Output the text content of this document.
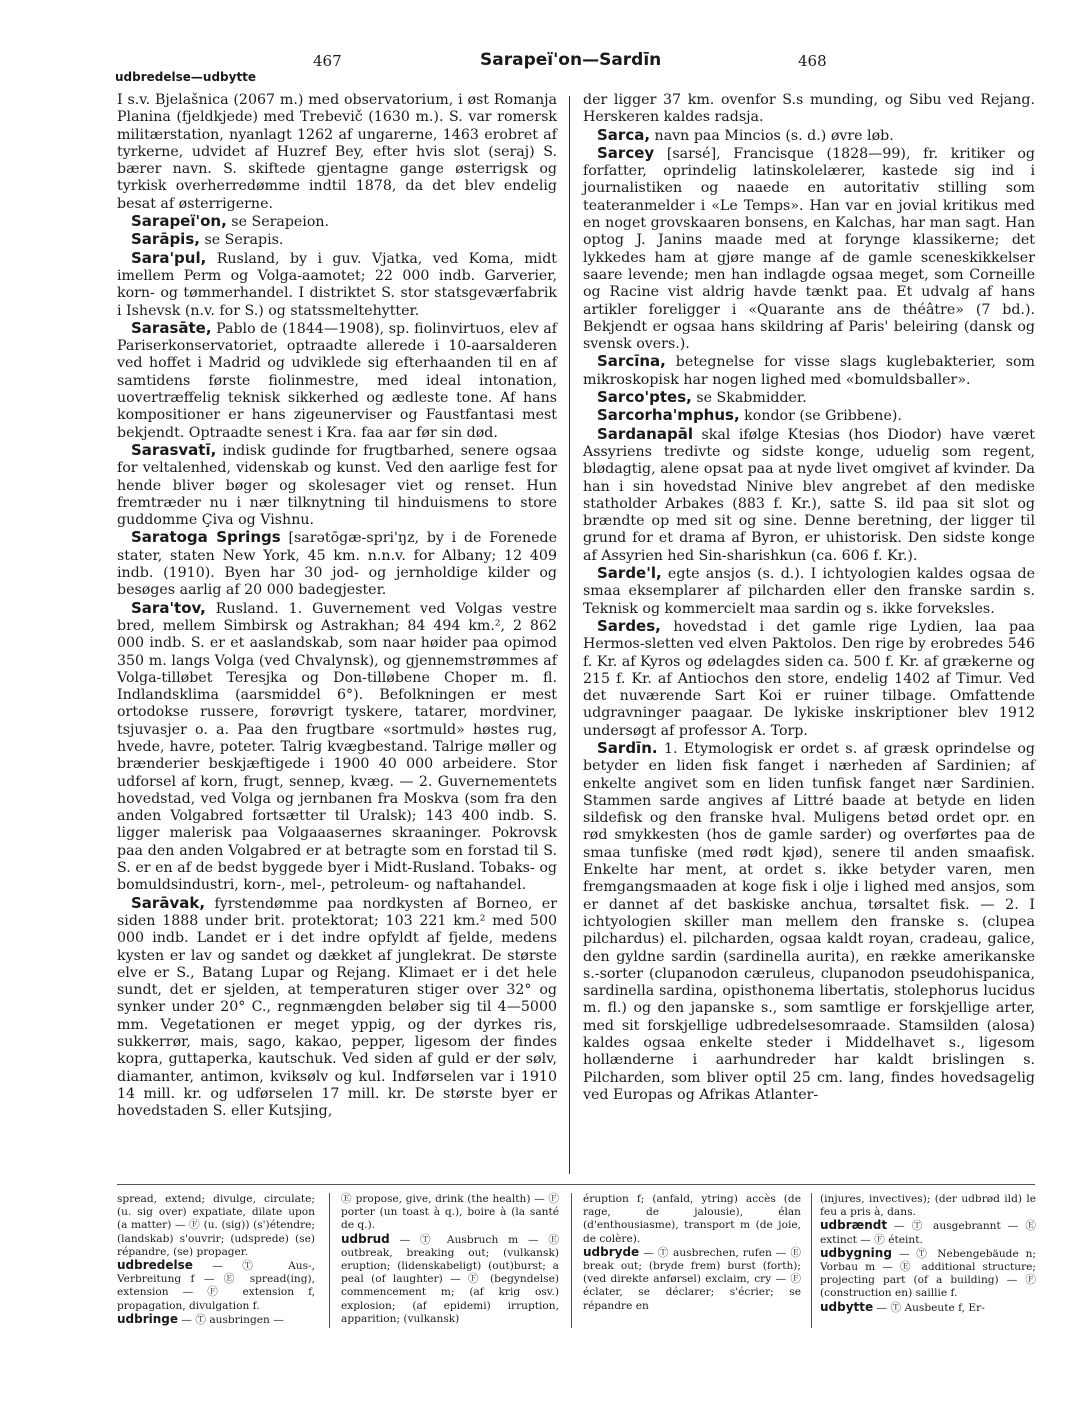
467	Sarapeï'on—Sardīn	468
udbredelse—udbytte

I s.v. Bjelašnica (2067 m.) med observatorium, i øst Romanja Planina (fjeldkjede) med Trebevič (1630 m.). S. var romersk militærstation, nyanlagt 1262 af ungarerne, 1463 erobret af tyrkerne, udvidet af Huzref Bey, efter hvis slot (seraj) S. bærer navn. S. skiftede gjentagne gange østerrigsk og tyrkisk overherredømme indtil 1878, da det blev endelig besat af østerrigerne.

Sarapeï'on, se Serapeion.

Sarāpis, se Serapis.

Sara'pul, Rusland, by i guv. Vjatka, ved Koma, midt imellem Perm og Volga-aamotet; 22 000 indb. Garverier, korn- og tømmerhandel. I distriktet S. stor statsgeværfabrik i Ishevsk (n.v. for S.) og statssmeltehytter.

Sarasāte, Pablo de (1844—1908), sp. fiolinvirtuos, elev af Pariserkonservatoriet, optraadte allerede i 10-aarsalderen ved hoffet i Madrid og udviklede sig efterhaanden til en af samtidens første fiolinmestre, med ideal intonation, uovertræffelig teknisk sikkerhed og ædleste tone. Af hans kompositioner er hans zigeunerviser og Faustfantasi mest bekjendt. Optraadte senest i Kra. faa aar før sin død.

Sarasvatī, indisk gudinde for frugtbarhed, senere ogsaa for veltalenhed, videnskab og kunst. Ved den aarlige fest for hende bliver bøger og skolesager viet og renset. Hun fremtræder nu i nær tilknytning til hinduismens to store guddomme Çiva og Vishnu.

Saratoga Springs [sarətōgæ-spri'ŋz, by i de Forenede stater, staten New York, 45 km. n.n.v. for Albany; 12 409 indb. (1910). Byen har 30 jod- og jernholdige kilder og besøges aarlig af 20 000 badegjester.

Sara'tov, Rusland. 1. Guvernement ved Volgas vestre bred, mellem Simbirsk og Astrakhan; 84 494 km.², 2 862 000 indb. S. er et aaslandskab, som naar høider paa opimod 350 m. langs Volga (ved Chvalynsk), og gjennemstrømmes af Volga-tilløbet Teresjka og Don-tilløbene Choper m. fl. Indlandsklima (aarsmiddel 6°). Befolkningen er mest ortodokse russere, forøvrigt tyskere, tatarer, mordviner, tsjuvasjer o. a. Paa den frugtbare «sortmuld» høstes rug, hvede, havre, poteter. Talrig kvægbestand. Talrige møller og brænderier beskjæftigede i 1900 40 000 arbeidere. Stor udforsel af korn, frugt, sennep, kvæg. — 2. Guvernementets hovedstad, ved Volga og jernbanen fra Moskva (som fra den anden Volgabred fortsætter til Uralsk); 143 400 indb. S. ligger malerisk paa Volgaaasernes skraaninger. Pokrovsk paa den anden Volgabred er at betragte som en forstad til S. S. er en af de bedst byggede byer i Midt-Rusland. Tobaks- og bomuldsindustri, korn-, mel-, petroleum- og naftahandel.

Sarāvak, fyrstendømme paa nordkysten af Borneo, er siden 1888 under brit. protektorat; 103 221 km.² med 500 000 indb. Landet er i det indre opfyldt af fjelde, medens kysten er lav og sandet og dækket af junglekrat. De største elve er S., Batang Lupar og Rejang. Klimaet er i det hele sundt, det er sjelden, at temperaturen stiger over 32° og synker under 20° C., regnmængden beløber sig til 4—5000 mm. Vegetationen er meget yppig, og der dyrkes ris, sukkerrør, mais, sago, kakao, pepper, ligesom der findes kopra, guttaperka, kautschuk. Ved siden af guld er der sølv, diamanter, antimon, kviksølv og kul. Indførselen var i 1910 14 mill. kr. og udførselen 17 mill. kr. De største byer er hovedstaden S. eller Kutsjing,

der ligger 37 km. ovenfor S.s munding, og Sibu ved Rejang. Herskeren kaldes radsja.

Sarca, navn paa Mincios (s. d.) øvre løb.

Sarcey [sarsé], Francisque (1828—99), fr. kritiker og forfatter, oprindelig latinskolelærer, kastede sig ind i journalistiken og naaede en autoritativ stilling som teateranmelder i «Le Temps». Han var en jovial kritikus med en noget grovskaaren bonsens, en Kalchas, har man sagt. Han optog J. Janins maade med at forynge klassikerne; det lykkedes ham at gjøre mange af de gamle sceneskikkelser saare levende; men han indlagde ogsaa meget, som Corneille og Racine vist aldrig havde tænkt paa. Et udvalg af hans artikler foreligger i «Quarante ans de théâtre» (7 bd.). Bekjendt er ogsaa hans skildring af Paris' beleiring (dansk og svensk overs.).

Sarcīna, betegnelse for visse slags kuglebakterier, som mikroskopisk har nogen lighed med «bomuldsballer».

Sarco'ptes, se Skabmidder.

Sarcorha'mphus, kondor (se Gribbene).

Sardanapāl skal ifølge Ktesias (hos Diodor) have været Assyriens tredivte og sidste konge, uduelig som regent, blødagtig, alene opsat paa at nyde livet omgivet af kvinder. Da han i sin hovedstad Ninive blev angrebet af den mediske statholder Arbakes (883 f. Kr.), satte S. ild paa sit slot og brændte op med sit og sine. Denne beretning, der ligger til grund for et drama af Byron, er uhistorisk. Den sidste konge af Assyrien hed Sin-sharishkun (ca. 606 f. Kr.).

Sarde'l, egte ansjos (s. d.). I ichtyologien kaldes ogsaa de smaa eksemplarer af pilcharden eller den franske sardin s. Teknisk og kommercielt maa sardin og s. ikke forveksles.

Sardes, hovedstad i det gamle rige Lydien, laa paa Hermos-sletten ved elven Paktolos. Den rige by erobredes 546 f. Kr. af Kyros og ødelagdes siden ca. 500 f. Kr. af grækerne og 215 f. Kr. af Antiochos den store, endelig 1402 af Timur. Ved det nuværende Sart Koi er ruiner tilbage. Omfattende udgravninger paagaar. De lykiske inskriptioner blev 1912 undersøgt af professor A. Torp.

Sardīn. 1. Etymologisk er ordet s. af græsk oprindelse og betyder en liden fisk fanget i nærheden af Sardinien; af enkelte angivet som en liden tunfisk fanget nær Sardinien. Stammen sarde angives af Littré baade at betyde en liden sildefisk og den franske hval. Muligens betød ordet opr. en rød smykkesten (hos de gamle sarder) og overførtes paa de smaa tunfiske (med rødt kjød), senere til anden smaafisk. Enkelte har ment, at ordet s. ikke betyder varen, men fremgangsmaaden at koge fisk i olje i lighed med ansjos, som er dannet af det baskiske anchua, tørsaltet fisk. — 2. I ichtyologien skiller man mellem den franske s. (clupea pilchardus) el. pilcharden, ogsaa kaldt royan, cradeau, galice, den gyldne sardin (sardinella aurita), en række amerikanske s.-sorter (clupanodon cæruleus, clupanodon pseudohispanica, sardinella sardina, opisthonema libertatis, stolephorus lucidus m. fl.) og den japanske s., som samtlige er forskjellige arter, med sit forskjellige udbredelsesomraade. Stamsilden (alosa) kaldes ogsaa enkelte steder i Middelhavet s., ligesom hollænderne i aarhundreder har kaldt brislingen s. Pilcharden, som bliver optil 25 cm. lang, findes hovedsagelig ved Europas og Afrikas Atlanter-

spread, extend; divulge, circulate; (u. sig over) expatiate, dilate upon (a matter) — Ⓕ (u. (sig)) (s')étendre; (landskab) s'ouvrir; (udsprede) (se) répandre, (se) propager.

udbredelse — Ⓣ Aus-, Verbreitung f — Ⓔ spread(ing), extension — Ⓕ extension f, propagation, divulgation f.

udbringe — Ⓣ ausbringen —

Ⓔ propose, give, drink (the health) — Ⓕ porter (un toast à q.), boire à (la santé de q.).

udbrud — Ⓣ Ausbruch m — Ⓔ outbreak, breaking out; (vulkansk) eruption; (lidenskabeligt) (out)burst; a peal (of laughter) — Ⓕ (begyndelse) commencement m; (af krig osv.) explosion; (af epidemi) irruption, apparition; (vulkansk)

éruption f; (anfald, ytring) accès (de rage, de jalousie), élan (d'enthousiasme), transport m (de joie, de colère).

udbryde — Ⓣ ausbrechen, rufen — Ⓔ break out; (bryde frem) burst (forth); (ved direkte anførsel) exclaim, cry — Ⓕ éclater, se déclarer; s'écrier; se répandre en

(injures, invectives); (der udbrød ild) le feu a pris à, dans.

udbrændt — Ⓣ ausgebrannt — Ⓔ extinct — Ⓕ éteint.

udbygning — Ⓣ Nebengebäude n; Vorbau m — Ⓔ additional structure; projecting part (of a building) — Ⓕ (construction en) saillie f.

udbytte — Ⓣ Ausbeute f, Er-
